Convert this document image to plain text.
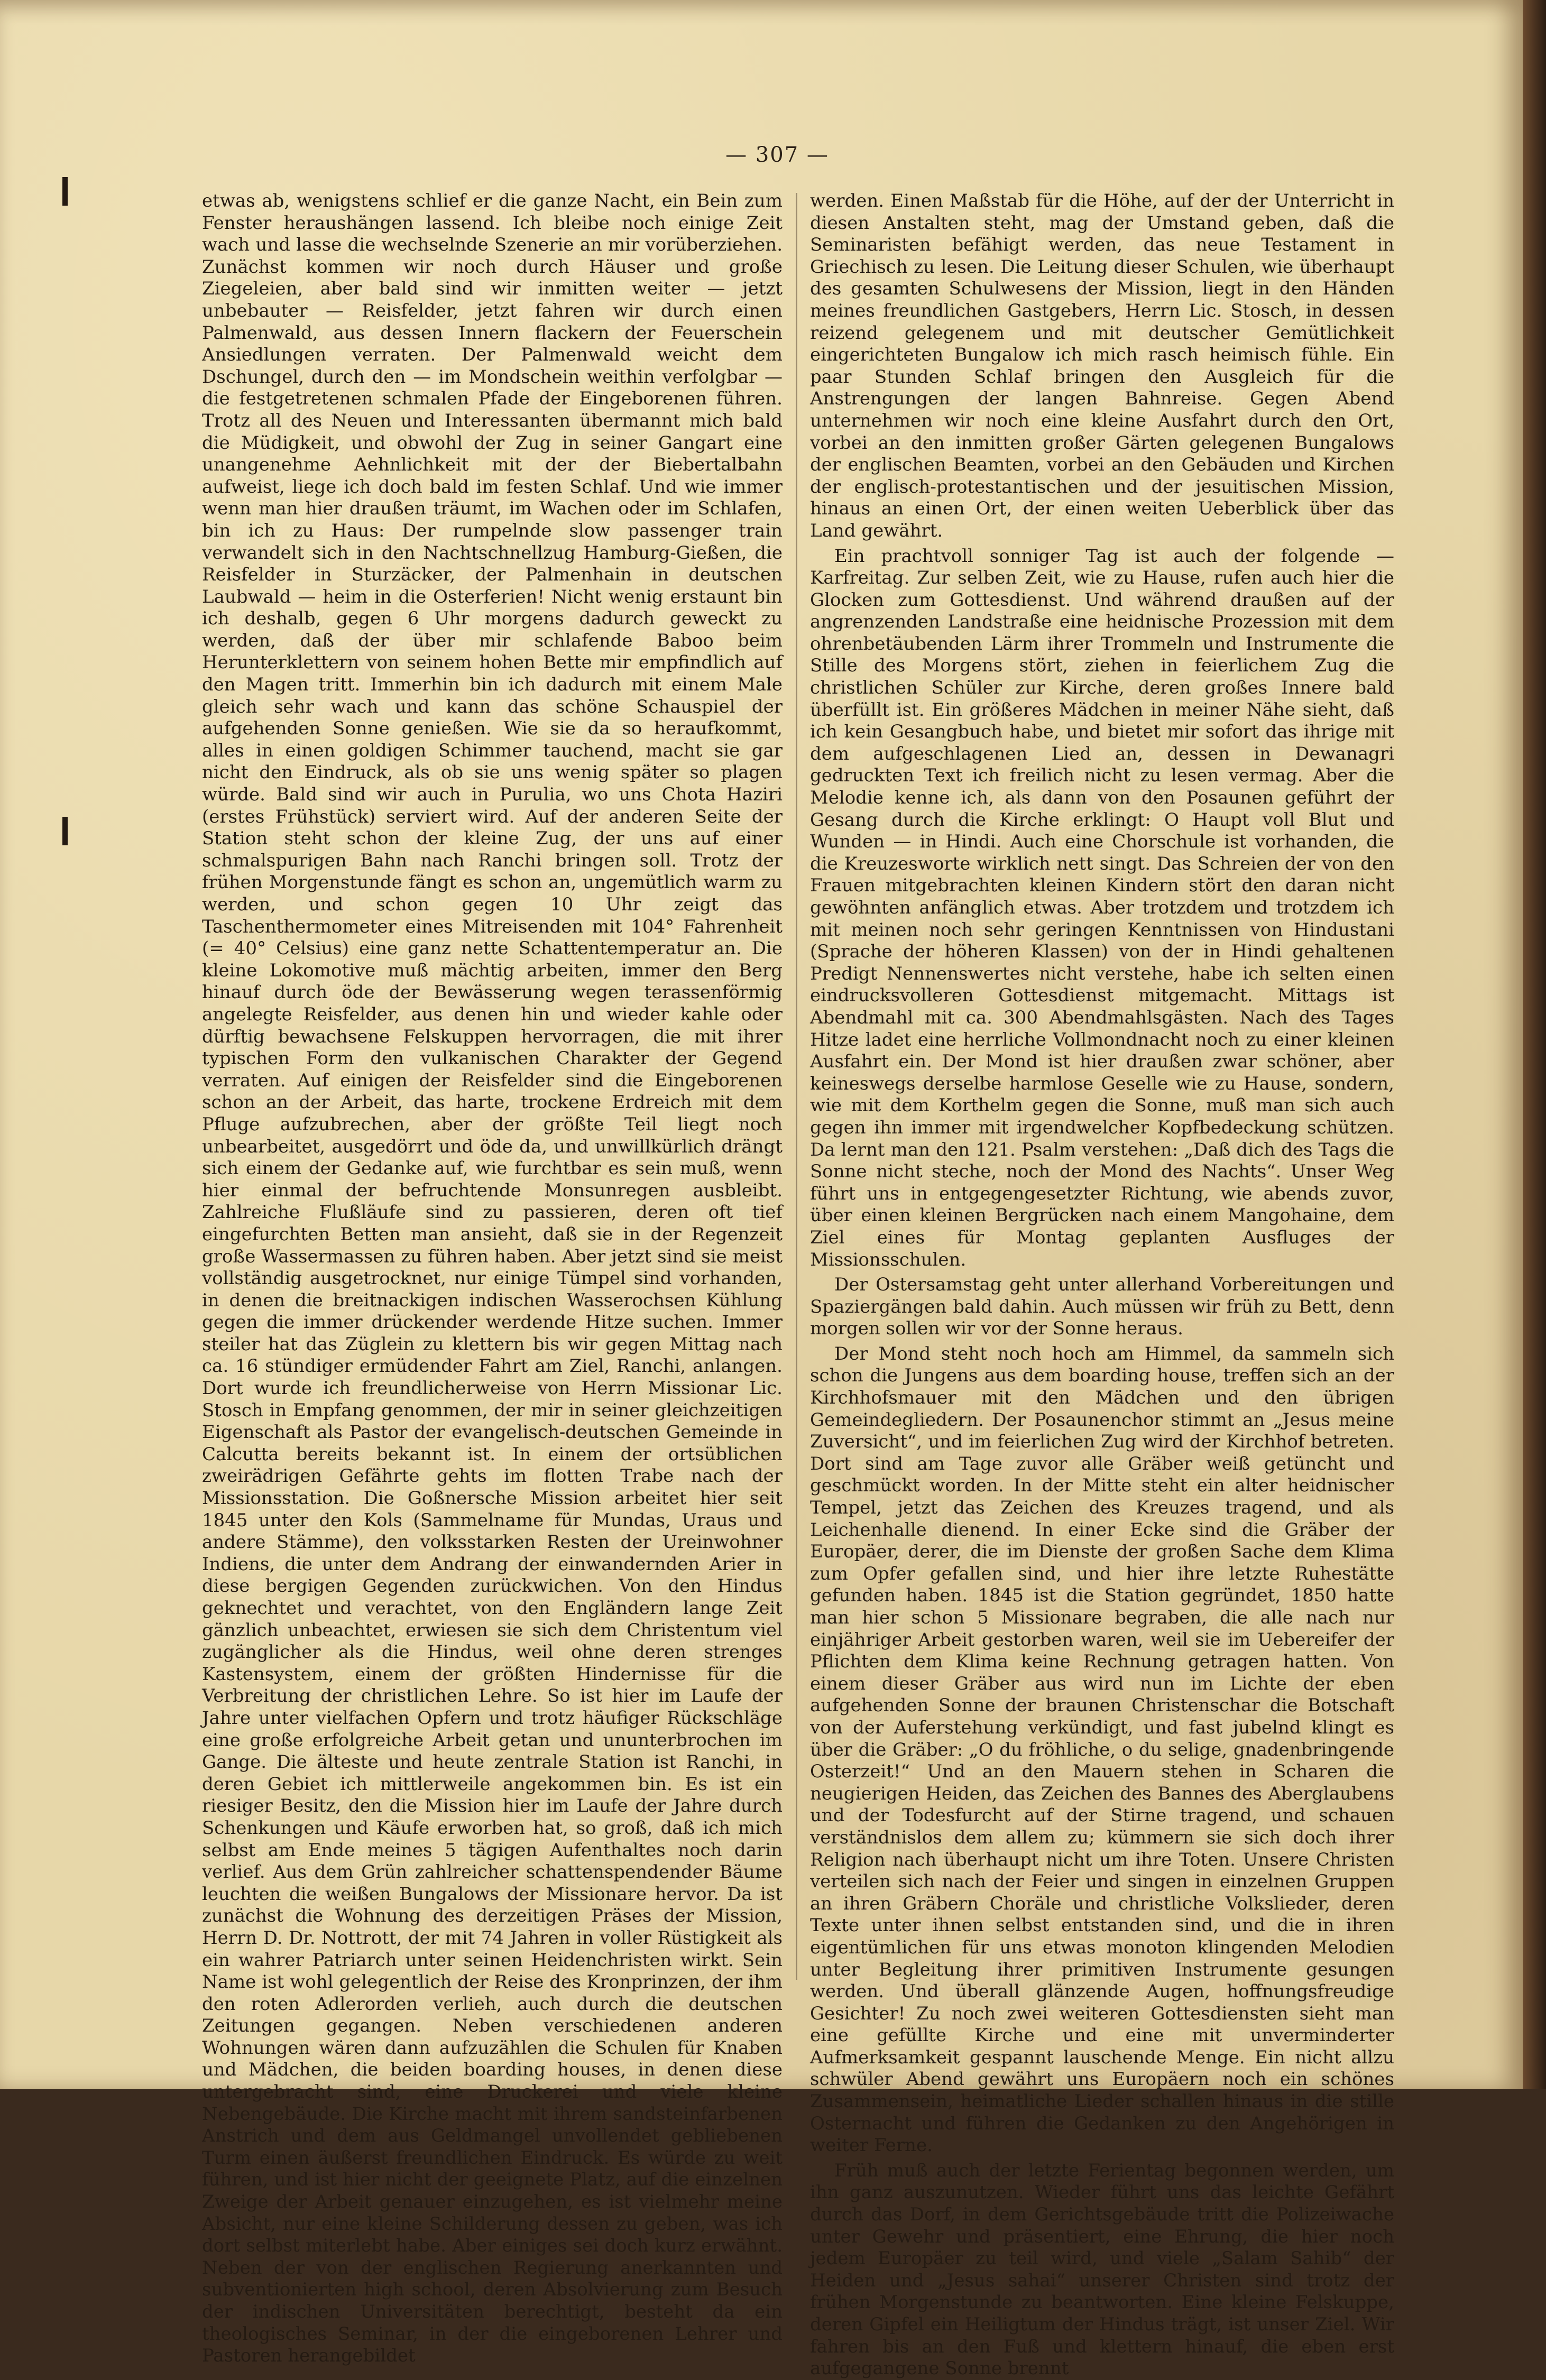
— 307 —

etwas ab, wenigstens schlief er die ganze Nacht, ein Bein zum Fenster heraushängen lassend. Ich bleibe noch einige Zeit wach und lasse die wechselnde Szenerie an mir vorüberziehen. Zunächst kommen wir noch durch Häuser und große Ziegeleien, aber bald sind wir inmitten weiter — jetzt unbebauter — Reisfelder, jetzt fahren wir durch einen Palmenwald, aus dessen Innern flackern der Feuerschein Ansiedlungen verraten. Der Palmenwald weicht dem Dschungel, durch den — im Mondschein weithin verfolgbar — die festgetretenen schmalen Pfade der Eingeborenen führen. Trotz all des Neuen und Interessanten übermannt mich bald die Müdigkeit, und obwohl der Zug in seiner Gangart eine unangenehme Aehnlichkeit mit der der Biebertalbahn aufweist, liege ich doch bald im festen Schlaf. Und wie immer wenn man hier draußen träumt, im Wachen oder im Schlafen, bin ich zu Haus: Der rumpelnde slow passenger train verwandelt sich in den Nachtschnellzug Hamburg-Gießen, die Reisfelder in Sturzäcker, der Palmenhain in deutschen Laubwald — heim in die Osterferien! Nicht wenig erstaunt bin ich deshalb, gegen 6 Uhr morgens dadurch geweckt zu werden, daß der über mir schlafende Baboo beim Herunterklettern von seinem hohen Bette mir empfindlich auf den Magen tritt. Immerhin bin ich dadurch mit einem Male gleich sehr wach und kann das schöne Schauspiel der aufgehenden Sonne genießen. Wie sie da so heraufkommt, alles in einen goldigen Schimmer tauchend, macht sie gar nicht den Eindruck, als ob sie uns wenig später so plagen würde. Bald sind wir auch in Purulia, wo uns Chota Haziri (erstes Frühstück) serviert wird. Auf der anderen Seite der Station steht schon der kleine Zug, der uns auf einer schmalspurigen Bahn nach Ranchi bringen soll. Trotz der frühen Morgenstunde fängt es schon an, ungemütlich warm zu werden, und schon gegen 10 Uhr zeigt das Taschenthermometer eines Mitreisenden mit 104° Fahrenheit (= 40° Celsius) eine ganz nette Schattentemperatur an. Die kleine Lokomotive muß mächtig arbeiten, immer den Berg hinauf durch öde der Bewässerung wegen terassenförmig angelegte Reisfelder, aus denen hin und wieder kahle oder dürftig bewachsene Felskuppen hervorragen, die mit ihrer typischen Form den vulkanischen Charakter der Gegend verraten. Auf einigen der Reisfelder sind die Eingeborenen schon an der Arbeit, das harte, trockene Erdreich mit dem Pfluge aufzubrechen, aber der größte Teil liegt noch unbearbeitet, ausgedörrt und öde da, und unwillkürlich drängt sich einem der Gedanke auf, wie furchtbar es sein muß, wenn hier einmal der befruchtende Monsunregen ausbleibt. Zahlreiche Flußläufe sind zu passieren, deren oft tief eingefurchten Betten man ansieht, daß sie in der Regenzeit große Wassermassen zu führen haben. Aber jetzt sind sie meist vollständig ausgetrocknet, nur einige Tümpel sind vorhanden, in denen die breitnackigen indischen Wasserochsen Kühlung gegen die immer drückender werdende Hitze suchen. Immer steiler hat das Züglein zu klettern bis wir gegen Mittag nach ca. 16 stündiger ermüdender Fahrt am Ziel, Ranchi, anlangen. Dort wurde ich freundlicherweise von Herrn Missionar Lic. Stosch in Empfang genommen, der mir in seiner gleichzeitigen Eigenschaft als Pastor der evangelisch-deutschen Gemeinde in Calcutta bereits bekannt ist. In einem der ortsüblichen zweirädrigen Gefährte gehts im flotten Trabe nach der Missionsstation. Die Goßnersche Mission arbeitet hier seit 1845 unter den Kols (Sammelname für Mundas, Uraus und andere Stämme), den volksstarken Resten der Ureinwohner Indiens, die unter dem Andrang der einwandernden Arier in diese bergigen Gegenden zurückwichen. Von den Hindus geknechtet und verachtet, von den Engländern lange Zeit gänzlich unbeachtet, erwiesen sie sich dem Christentum viel zugänglicher als die Hindus, weil ohne deren strenges Kastensystem, einem der größten Hindernisse für die Verbreitung der christlichen Lehre. So ist hier im Laufe der Jahre unter vielfachen Opfern und trotz häufiger Rückschläge eine große erfolgreiche Arbeit getan und ununterbrochen im Gange. Die älteste und heute zentrale Station ist Ranchi, in deren Gebiet ich mittlerweile angekommen bin. Es ist ein riesiger Besitz, den die Mission hier im Laufe der Jahre durch Schenkungen und Käufe erworben hat, so groß, daß ich mich selbst am Ende meines 5 tägigen Aufenthaltes noch darin verlief. Aus dem Grün zahlreicher schattenspendender Bäume leuchten die weißen Bungalows der Missionare hervor. Da ist zunächst die Wohnung des derzeitigen Präses der Mission, Herrn D. Dr. Nottrott, der mit 74 Jahren in voller Rüstigkeit als ein wahrer Patriarch unter seinen Heidenchristen wirkt. Sein Name ist wohl gelegentlich der Reise des Kronprinzen, der ihm den roten Adlerorden verlieh, auch durch die deutschen Zeitungen gegangen. Neben verschiedenen anderen Wohnungen wären dann aufzuzählen die Schulen für Knaben und Mädchen, die beiden boarding houses, in denen diese untergebracht sind, eine Druckerei und viele kleine Nebengebäude. Die Kirche macht mit ihrem sandsteinfarbenen Anstrich und dem aus Geldmangel unvollendet gebliebenen Turm einen äußerst freundlichen Eindruck. Es würde zu weit führen, und ist hier nicht der geeignete Platz, auf die einzelnen Zweige der Arbeit genauer einzugehen, es ist vielmehr meine Absicht, nur eine kleine Schilderung dessen zu geben, was ich dort selbst miterlebt habe. Aber einiges sei doch kurz erwähnt. Neben der von der englischen Regierung anerkannten und subventionierten high school, deren Absolvierung zum Besuch der indischen Universitäten berechtigt, besteht da ein theologisches Seminar, in der die eingeborenen Lehrer und Pastoren herangebildet

werden. Einen Maßstab für die Höhe, auf der der Unterricht in diesen Anstalten steht, mag der Umstand geben, daß die Seminaristen befähigt werden, das neue Testament in Griechisch zu lesen. Die Leitung dieser Schulen, wie überhaupt des gesamten Schulwesens der Mission, liegt in den Händen meines freundlichen Gastgebers, Herrn Lic. Stosch, in dessen reizend gelegenem und mit deutscher Gemütlichkeit eingerichteten Bungalow ich mich rasch heimisch fühle. Ein paar Stunden Schlaf bringen den Ausgleich für die Anstrengungen der langen Bahnreise. Gegen Abend unternehmen wir noch eine kleine Ausfahrt durch den Ort, vorbei an den inmitten großer Gärten gelegenen Bungalows der englischen Beamten, vorbei an den Gebäuden und Kirchen der englisch-protestantischen und der jesuitischen Mission, hinaus an einen Ort, der einen weiten Ueberblick über das Land gewährt.

Ein prachtvoll sonniger Tag ist auch der folgende — Karfreitag. Zur selben Zeit, wie zu Hause, rufen auch hier die Glocken zum Gottesdienst. Und während draußen auf der angrenzenden Landstraße eine heidnische Prozession mit dem ohrenbetäubenden Lärm ihrer Trommeln und Instrumente die Stille des Morgens stört, ziehen in feierlichem Zug die christlichen Schüler zur Kirche, deren großes Innere bald überfüllt ist. Ein größeres Mädchen in meiner Nähe sieht, daß ich kein Gesangbuch habe, und bietet mir sofort das ihrige mit dem aufgeschlagenen Lied an, dessen in Dewanagri gedruckten Text ich freilich nicht zu lesen vermag. Aber die Melodie kenne ich, als dann von den Posaunen geführt der Gesang durch die Kirche erklingt: O Haupt voll Blut und Wunden — in Hindi. Auch eine Chorschule ist vorhanden, die die Kreuzesworte wirklich nett singt. Das Schreien der von den Frauen mitgebrachten kleinen Kindern stört den daran nicht gewöhnten anfänglich etwas. Aber trotzdem und trotzdem ich mit meinen noch sehr geringen Kenntnissen von Hindustani (Sprache der höheren Klassen) von der in Hindi gehaltenen Predigt Nennenswertes nicht verstehe, habe ich selten einen eindrucksvolleren Gottesdienst mitgemacht. Mittags ist Abendmahl mit ca. 300 Abendmahlsgästen. Nach des Tages Hitze ladet eine herrliche Vollmondnacht noch zu einer kleinen Ausfahrt ein. Der Mond ist hier draußen zwar schöner, aber keineswegs derselbe harmlose Geselle wie zu Hause, sondern, wie mit dem Korthelm gegen die Sonne, muß man sich auch gegen ihn immer mit irgendwelcher Kopfbedeckung schützen. Da lernt man den 121. Psalm verstehen: „Daß dich des Tags die Sonne nicht steche, noch der Mond des Nachts“. Unser Weg führt uns in entgegengesetzter Richtung, wie abends zuvor, über einen kleinen Bergrücken nach einem Mangohaine, dem Ziel eines für Montag geplanten Ausfluges der Missionsschulen.

Der Ostersamstag geht unter allerhand Vorbereitungen und Spaziergängen bald dahin. Auch müssen wir früh zu Bett, denn morgen sollen wir vor der Sonne heraus.

Der Mond steht noch hoch am Himmel, da sammeln sich schon die Jungens aus dem boarding house, treffen sich an der Kirchhofsmauer mit den Mädchen und den übrigen Gemeindegliedern. Der Posaunenchor stimmt an „Jesus meine Zuversicht“, und im feierlichen Zug wird der Kirchhof betreten. Dort sind am Tage zuvor alle Gräber weiß getüncht und geschmückt worden. In der Mitte steht ein alter heidnischer Tempel, jetzt das Zeichen des Kreuzes tragend, und als Leichenhalle dienend. In einer Ecke sind die Gräber der Europäer, derer, die im Dienste der großen Sache dem Klima zum Opfer gefallen sind, und hier ihre letzte Ruhestätte gefunden haben. 1845 ist die Station gegründet, 1850 hatte man hier schon 5 Missionare begraben, die alle nach nur einjähriger Arbeit gestorben waren, weil sie im Uebereifer der Pflichten dem Klima keine Rechnung getragen hatten. Von einem dieser Gräber aus wird nun im Lichte der eben aufgehenden Sonne der braunen Christenschar die Botschaft von der Auferstehung verkündigt, und fast jubelnd klingt es über die Gräber: „O du fröhliche, o du selige, gnadenbringende Osterzeit!“ Und an den Mauern stehen in Scharen die neugierigen Heiden, das Zeichen des Bannes des Aberglaubens und der Todesfurcht auf der Stirne tragend, und schauen verständnislos dem allem zu; kümmern sie sich doch ihrer Religion nach überhaupt nicht um ihre Toten. Unsere Christen verteilen sich nach der Feier und singen in einzelnen Gruppen an ihren Gräbern Choräle und christliche Volkslieder, deren Texte unter ihnen selbst entstanden sind, und die in ihren eigentümlichen für uns etwas monoton klingenden Melodien unter Begleitung ihrer primitiven Instrumente gesungen werden. Und überall glänzende Augen, hoffnungsfreudige Gesichter! Zu noch zwei weiteren Gottesdiensten sieht man eine gefüllte Kirche und eine mit unverminderter Aufmerksamkeit gespannt lauschende Menge. Ein nicht allzu schwüler Abend gewährt uns Europäern noch ein schönes Zusammensein, heimatliche Lieder schallen hinaus in die stille Osternacht und führen die Gedanken zu den Angehörigen in weiter Ferne.

Früh muß auch der letzte Ferientag begonnen werden, um ihn ganz auszunutzen. Wieder führt uns das leichte Gefährt durch das Dorf, in dem Gerichtsgebäude tritt die Polizeiwache unter Gewehr und präsentiert, eine Ehrung, die hier noch jedem Europäer zu teil wird, und viele „Salam Sahib“ der Heiden und „Jesus sahai“ unserer Christen sind trotz der frühen Morgenstunde zu beantworten. Eine kleine Felskuppe, deren Gipfel ein Heiligtum der Hindus trägt, ist unser Ziel. Wir fahren bis an den Fuß und klettern hinauf, die eben erst aufgegangene Sonne brennt
